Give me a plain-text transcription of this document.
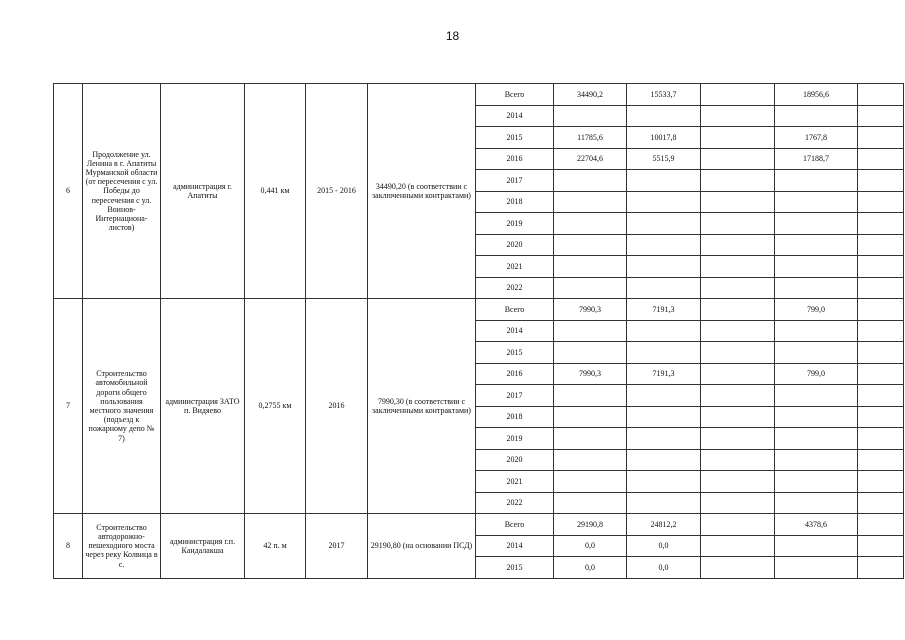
18
6	Продолжение ул. Ленина в г. Апатиты Мурманской области (от пересечения с ул. Победы до пересечения с ул. Воинов-Интернациона-листов)	администрация г. Апатиты	0,441 км	2015 - 2016	34490,20 (в соответствии с заключенными контрактами)	Всего	34490,2	15533,7		18956,6	
						2014					
						2015	11785,6	10017,8		1767,8	
						2016	22704,6	5515,9		17188,7	
						2017					
						2018					
						2019					
						2020					
						2021					
						2022					
7	Строительство автомобильной дороги общего пользования местного значения (подъезд к пожарному депо № 7)	администрация ЗАТО п. Видяево	0,2755 км	2016	7990,30 (в соответствии с заключенными контрактами)	Всего	7990,3	7191,3		799,0	
						2014					
						2015					
						2016	7990,3	7191,3		799,0	
						2017					
						2018					
						2019					
						2020					
						2021					
						2022					
8	Строительство автодорожно-пешеходного моста через реку Колвица в с.	администрация г.п. Кандалакша	42 п. м	2017	29190,80 (на основании ПСД)	Всего	29190,8	24812,2		4378,6	
						2014	0,0	0,0			
						2015	0,0	0,0			
